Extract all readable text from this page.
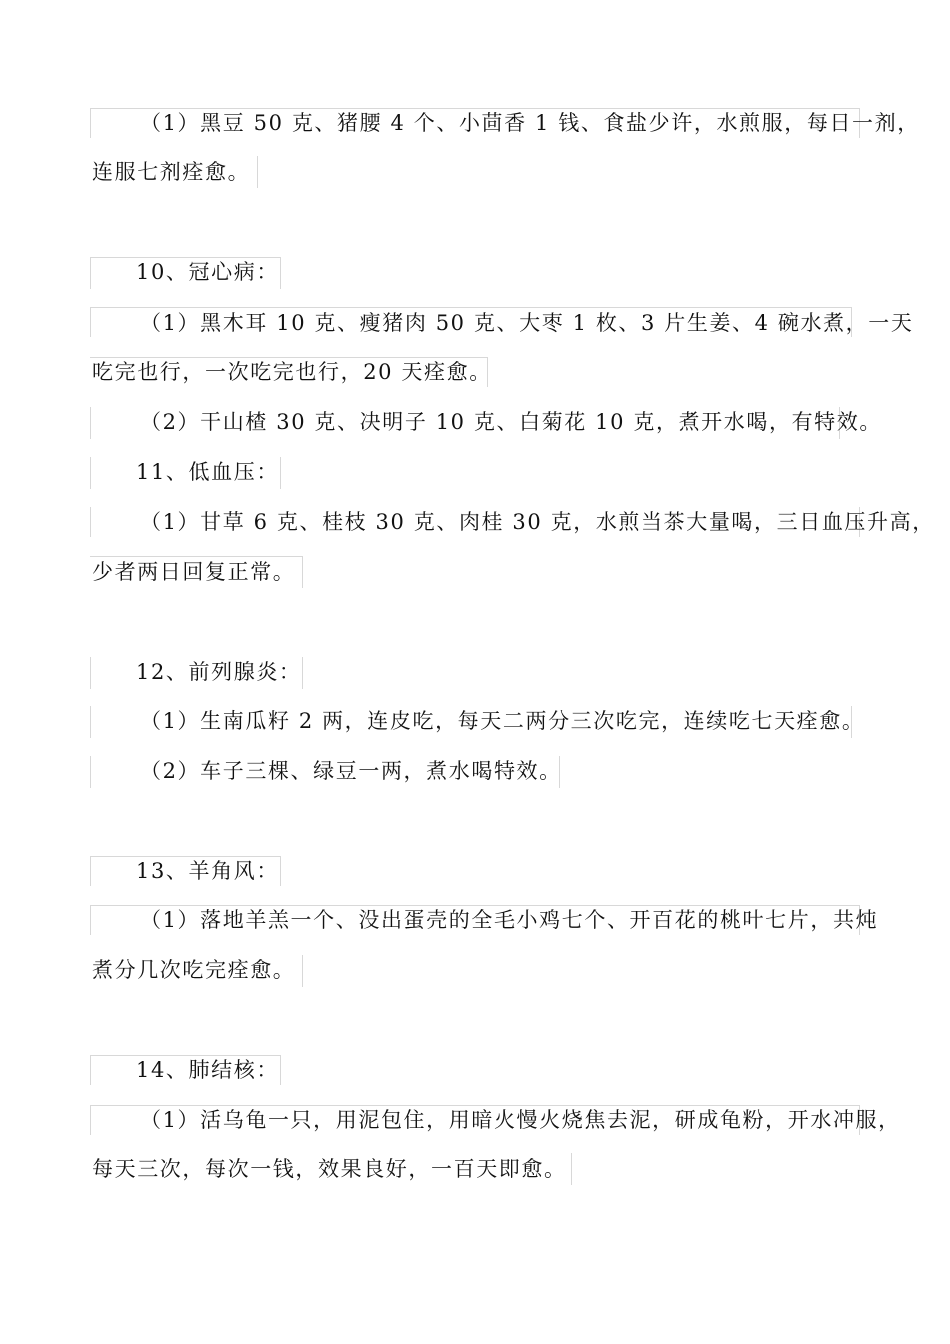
（1）黑豆 50 克、猪腰 4 个、小茴香 1 钱、食盐少许，水煎服，每日一剂，
连服七剂痊愈。
10、冠心病：
（1）黑木耳 10 克、瘦猪肉 50 克、大枣 1 枚、3 片生姜、4 碗水煮，一天
吃完也行，一次吃完也行，20 天痊愈。
（2）干山楂 30 克、决明子 10 克、白菊花 10 克，煮开水喝，有特效。
11、低血压：
（1）甘草 6 克、桂枝 30 克、肉桂 30 克，水煎当茶大量喝，三日血压升高，
少者两日回复正常。
12、前列腺炎：
（1）生南瓜籽 2 两，连皮吃，每天二两分三次吃完，连续吃七天痊愈。
（2）车子三棵、绿豆一两，煮水喝特效。
13、羊角风：
（1）落地羊羔一个、没出蛋壳的全毛小鸡七个、开百花的桃叶七片，共炖
煮分几次吃完痊愈。
14、肺结核：
（1）活乌龟一只，用泥包住，用暗火慢火烧焦去泥，研成龟粉，开水冲服，
每天三次，每次一钱，效果良好，一百天即愈。
